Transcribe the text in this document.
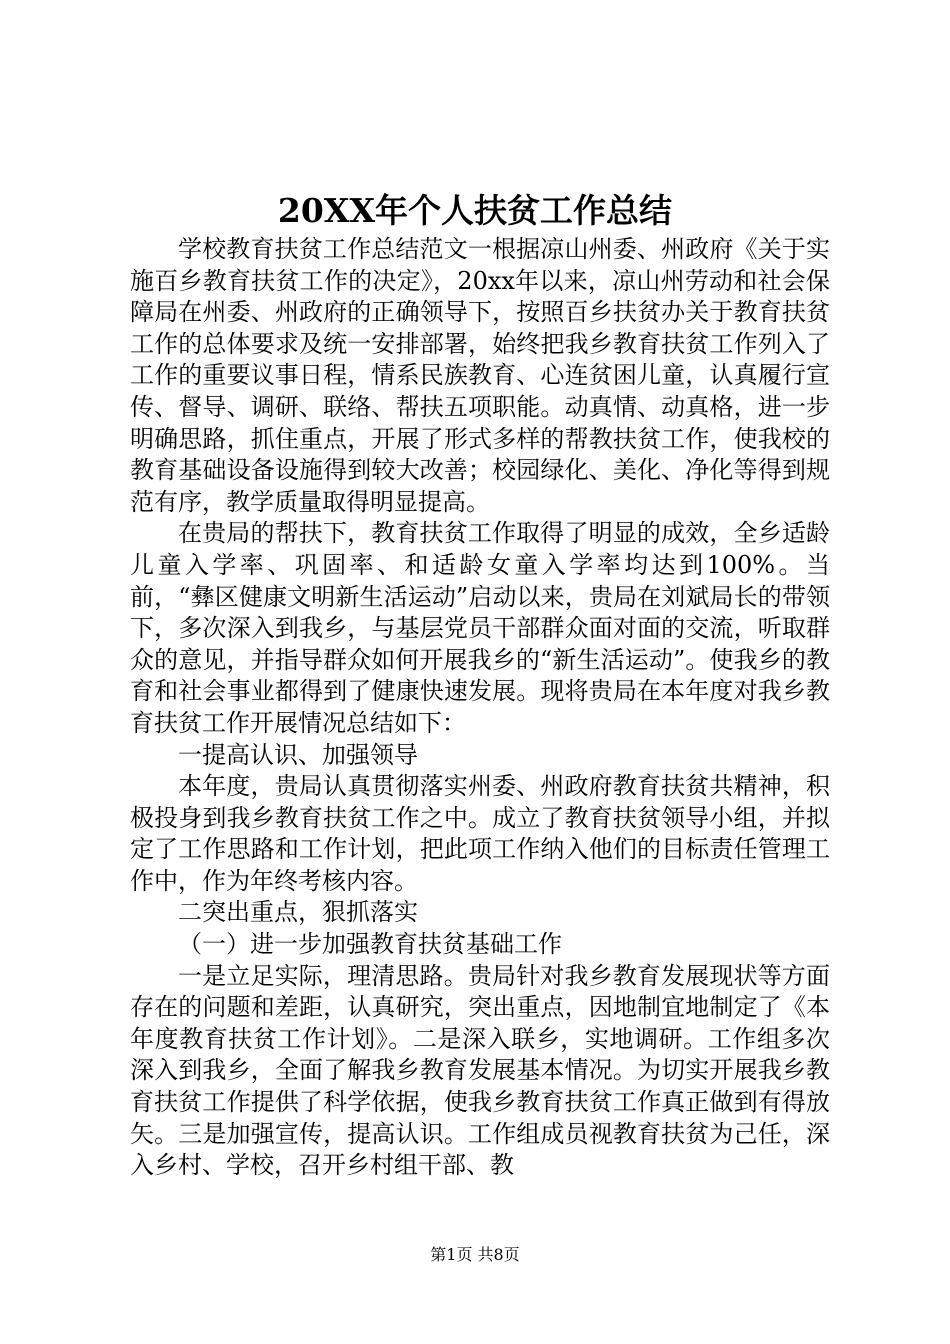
20XX年个人扶贫工作总结

学校教育扶贫工作总结范文一根据凉山州委、州政府《关于实施百乡教育扶贫工作的决定》，20xx年以来，凉山州劳动和社会保障局在州委、州政府的正确领导下，按照百乡扶贫办关于教育扶贫工作的总体要求及统一安排部署，始终把我乡教育扶贫工作列入了工作的重要议事日程，情系民族教育、心连贫困儿童，认真履行宣传、督导、调研、联络、帮扶五项职能。动真情、动真格，进一步明确思路，抓住重点，开展了形式多样的帮教扶贫工作，使我校的教育基础设备设施得到较大改善；校园绿化、美化、净化等得到规范有序，教学质量取得明显提高。

在贵局的帮扶下，教育扶贫工作取得了明显的成效，全乡适龄儿童入学率、巩固率、和适龄女童入学率均达到100%。当前，“彝区健康文明新生活运动”启动以来，贵局在刘斌局长的带领下，多次深入到我乡，与基层党员干部群众面对面的交流，听取群众的意见，并指导群众如何开展我乡的“新生活运动”。使我乡的教育和社会事业都得到了健康快速发展。现将贵局在本年度对我乡教育扶贫工作开展情况总结如下：

一提高认识、加强领导

本年度，贵局认真贯彻落实州委、州政府教育扶贫共精神，积极投身到我乡教育扶贫工作之中。成立了教育扶贫领导小组，并拟定了工作思路和工作计划，把此项工作纳入他们的目标责任管理工作中，作为年终考核内容。

二突出重点，狠抓落实

（一）进一步加强教育扶贫基础工作

一是立足实际，理清思路。贵局针对我乡教育发展现状等方面存在的问题和差距，认真研究，突出重点，因地制宜地制定了《本年度教育扶贫工作计划》。二是深入联乡，实地调研。工作组多次深入到我乡，全面了解我乡教育发展基本情况。为切实开展我乡教育扶贫工作提供了科学依据，使我乡教育扶贫工作真正做到有得放矢。三是加强宣传，提高认识。工作组成员视教育扶贫为己任，深入乡村、学校，召开乡村组干部、教

第1页 共8页
